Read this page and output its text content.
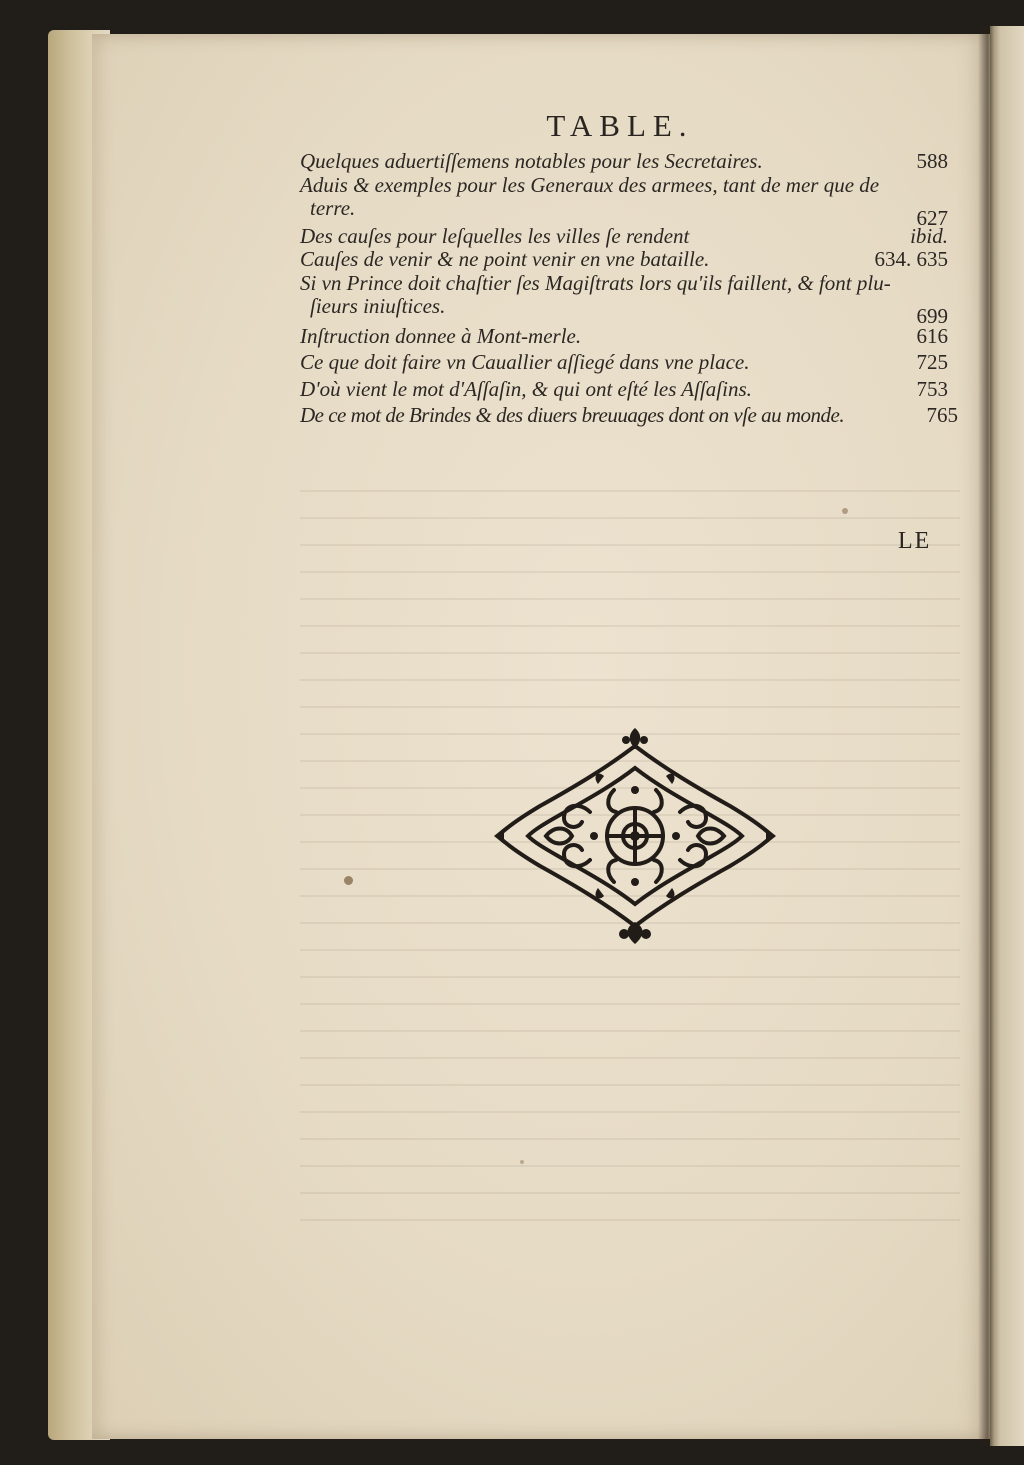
TABLE.
Quelques aduertiſſemens notables pour les Secretaires.	588
Aduis & exemples pour les Generaux des armees, tant de mer que de
terre.	627
Des cauſes pour leſquelles les villes ſe rendent	ibid.
Cauſes de venir & ne point venir en vne bataille.	634. 635
Si vn Prince doit chaſtier ſes Magiſtrats lors qu'ils faillent, & font plu-
ſieurs iniuſtices.	699
Inſtruction donnee à Mont-merle.	616
Ce que doit faire vn Cauallier aſſiegé dans vne place.	725
D'où vient le mot d'Aſſaſin, & qui ont eſté les Aſſaſins.	753
De ce mot de Brindes & des diuers breuuages dont on vſe au monde.	765
LE
